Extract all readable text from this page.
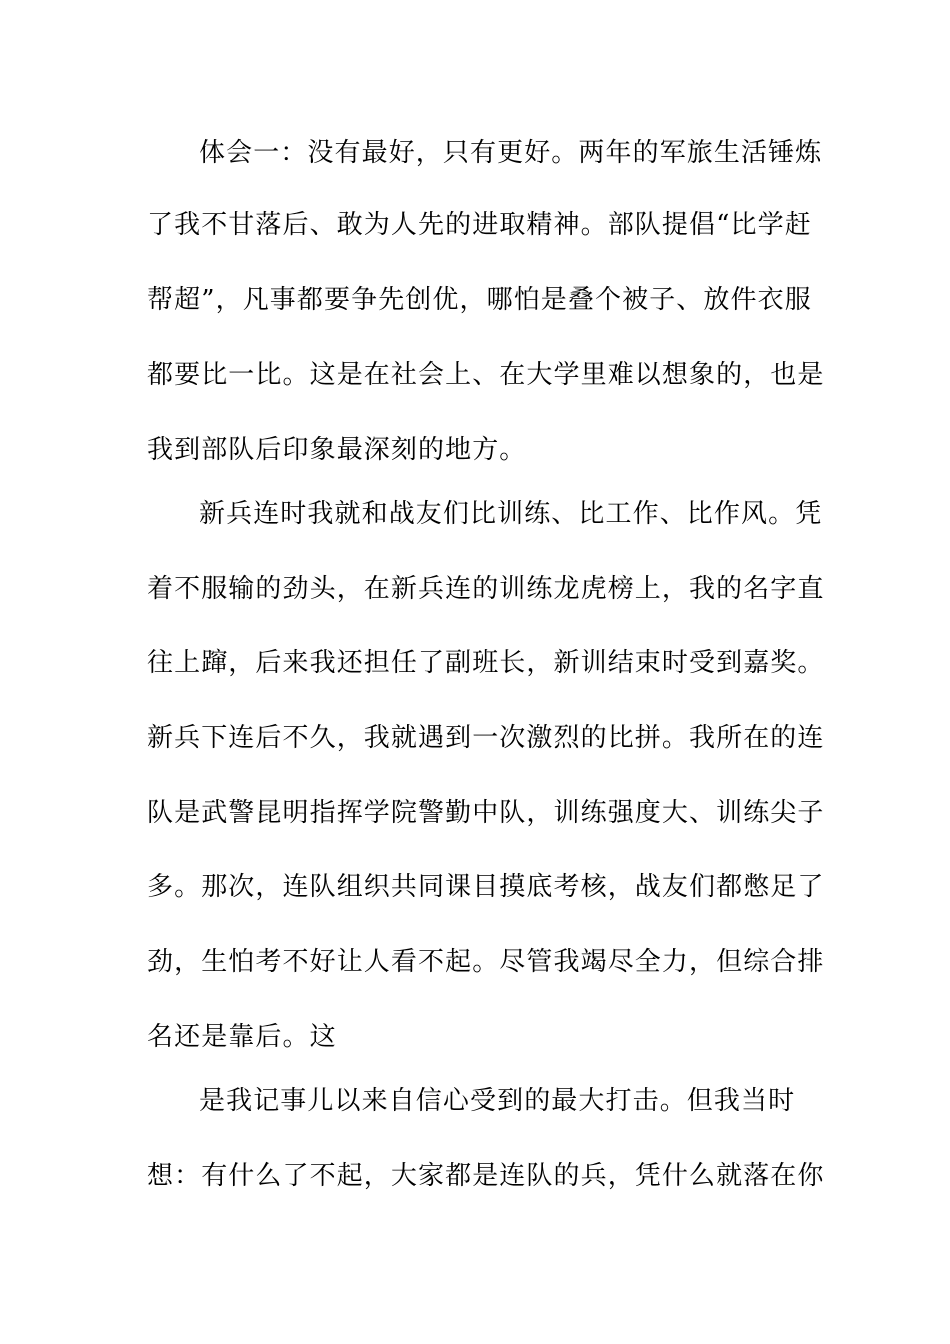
体会一：没有最好，只有更好。两年的军旅生活锤炼
了我不甘落后、敢为人先的进取精神。部队提倡“比学赶
帮超”，凡事都要争先创优，哪怕是叠个被子、放件衣服
都要比一比。这是在社会上、在大学里难以想象的，也是
我到部队后印象最深刻的地方。
新兵连时我就和战友们比训练、比工作、比作风。凭
着不服输的劲头，在新兵连的训练龙虎榜上，我的名字直
往上蹿，后来我还担任了副班长，新训结束时受到嘉奖。
新兵下连后不久，我就遇到一次激烈的比拼。我所在的连
队是武警昆明指挥学院警勤中队，训练强度大、训练尖子
多。那次，连队组织共同课目摸底考核，战友们都憋足了
劲，生怕考不好让人看不起。尽管我竭尽全力，但综合排
名还是靠后。这
是我记事儿以来自信心受到的最大打击。但我当时
想：有什么了不起，大家都是连队的兵，凭什么就落在你
